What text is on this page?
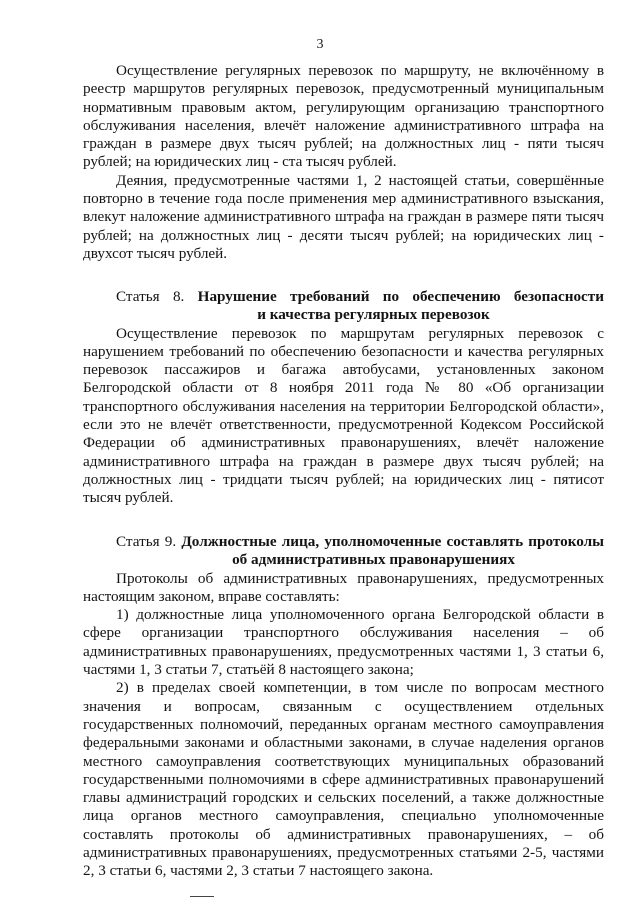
3

Осуществление регулярных перевозок по маршруту, не включённому в реестр маршрутов регулярных перевозок, предусмотренный муниципальным нормативным правовым актом, регулирующим организацию транспортного обслуживания населения, влечёт наложение административного штрафа на граждан в размере двух тысяч рублей; на должностных лиц - пяти тысяч рублей; на юридических лиц - ста тысяч рублей.

Деяния, предусмотренные частями 1, 2 настоящей статьи, совершённые повторно в течение года после применения мер административного взыскания, влекут наложение административного штрафа на граждан в размере пяти тысяч рублей; на должностных лиц - десяти тысяч рублей; на юридических лиц - двухсот тысяч рублей.

Статья 8. Нарушение требований по обеспечению безопасности
и качества регулярных перевозок

Осуществление перевозок по маршрутам регулярных перевозок с нарушением требований по обеспечению безопасности и качества регулярных перевозок пассажиров и багажа автобусами, установленных законом Белгородской области от 8 ноября 2011 года № 80 «Об организации транспортного обслуживания населения на территории Белгородской области», если это не влечёт ответственности, предусмотренной Кодексом Российской Федерации об административных правонарушениях, влечёт наложение административного штрафа на граждан в размере двух тысяч рублей; на должностных лиц - тридцати тысяч рублей; на юридических лиц - пятисот тысяч рублей.

Статья 9. Должностные лица, уполномоченные составлять протоколы
об административных правонарушениях

Протоколы об административных правонарушениях, предусмотренных настоящим законом, вправе составлять:

1) должностные лица уполномоченного органа Белгородской области в сфере организации транспортного обслуживания населения – об административных правонарушениях, предусмотренных частями 1, 3 статьи 6, частями 1, 3 статьи 7, статьёй 8 настоящего закона;

2) в пределах своей компетенции, в том числе по вопросам местного значения и вопросам, связанным с осуществлением отдельных государственных полномочий, переданных органам местного самоуправления федеральными законами и областными законами, в случае наделения органов местного самоуправления соответствующих муниципальных образований государственными полномочиями в сфере административных правонарушений главы администраций городских и сельских поселений, а также должностные лица органов местного самоуправления, специально уполномоченные составлять протоколы об административных правонарушениях, – об административных правонарушениях, предусмотренных статьями 2-5, частями 2, 3 статьи 6, частями 2, 3 статьи 7 настоящего закона.
